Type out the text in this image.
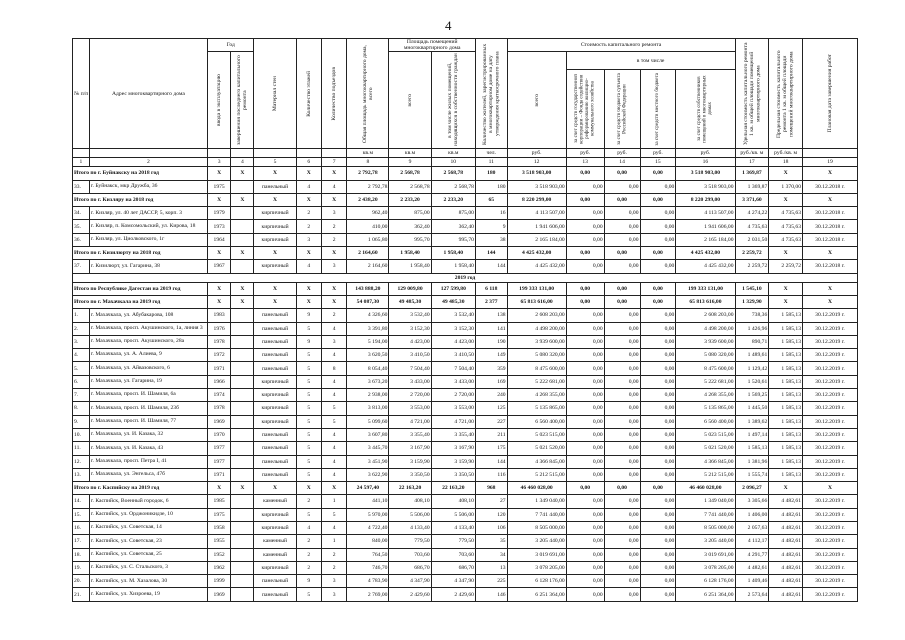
4
№ п/п	Адрес многоквартирного дома	Год		Материал стен	Количество этажей	Количество подъездов	Общая площадь многоквартирного дома, всего	Площадь помещений многоквартирного дома		Количество жителей, зарегистрированных в многоквартирном доме на дату утверждения краткосрочного плана	Стоимость капитального ремонта					Удельная стоимость капитального ремонта 1 кв. м общей площади помещений многоквартирного дома	Предельная стоимость капитального ремонта 1 кв. м общей площади помещений многоквартирного дома	Плановая дата завершения работ

		ввода в эксплуатацию	завершения последнего капитального ремонта					всего	в том числе жилых помещений, находящихся в собственности граждан		всего	в том числе						

												за счет средств государственной корпорации – Фонда содействия реформированию жилищно-коммунального хозяйства	за счет средств бюджета субъекта Российской Федерации	за счет средств местного бюджета	за счет средств собственников помещений в многоквартирных домах			

							кв.м	кв.м	кв.м	чел.	руб.	руб.	руб.	руб.	руб.	руб./кв. м	руб./кв. м	
1	2	3	4	5	6	7	8	9	10	11	12	13	14	15	16	17	18	19
Итого по г. Буйнакску на 2018 год		X	X	X	X	X	2 792,78	2 568,78	2 568,78	180	3 518 903,00	0,00	0,00	0,00	3 518 903,00	1 369,87	X	X
33.	г. Буйнакск, мкр Дружба, 36	1975		панельный	4	4	2 792,78	2 568,78	2 568,78	180	3 518 903,00	0,00	0,00	0,00	3 518 903,00	1 369,87	1 370,00	30.12.2018 г.
Итого по г. Кизляру на 2018 год		X	X	X	X	X	2 438,20	2 233,20	2 233,20	65	8 220 299,00	0,00	0,00	0,00	8 220 299,00	3 371,60	X	X
34.	г. Кизляр, ул. 40 лет ДАССР, 5, корп. 3	1979		кирпичный	2	3	962,40	875,00	875,00	16	4 113 507,00	0,00	0,00	0,00	4 113 507,00	4 274,22	4 735,63	30.12.2018 г.
35.	г. Кизляр, п. Комсомольский, ул. Кирова, 18	1973		кирпичный	2	2	410,00	362,40	362,40	9	1 941 606,00	0,00	0,00	0,00	1 941 606,00	4 735,63	4 735,63	30.12.2018 г.
36.	г. Кизляр, ул. Циолковского, 1г	1964		кирпичный	3	2	1 065,80	995,70	995,70	38	2 165 184,00	0,00	0,00	0,00	2 165 184,00	2 031,50	4 735,63	30.12.2018 г.
Итого по г. Кизилюрту на 2018 год		X	X	X	X	X	2 164,60	1 958,40	1 958,40	144	4 425 432,00	0,00	0,00	0,00	4 425 432,00	2 259,72	X	X
37.	г. Кизилюрт, ул. Гагарина, 38	1967		кирпичный	4	3	2 164,60	1 958,40	1 958,40	144	4 425 432,00	0,00	0,00	0,00	4 425 432,00	2 259,72	2 259,72	30.12.2018 г.
2019 год																		
Итого по Республике Дагестан на 2019 год		X	X	X	X	X	143 888,20	129 009,80	127 599,80	6 118	199 333 131,00	0,00	0,00	0,00	199 333 131,00	1 545,10	X	X
Итого по г. Махачкала на 2019 год		X	X	X	X	X	54 087,30	49 485,30	49 485,30	2 377	65 813 616,00	0,00	0,00	0,00	65 813 616,00	1 329,90	X	X
1.	г. Махачкала, ул. Абубакарова, 108	1983		панельный	9	2	4 326,60	3 532,40	3 532,40	138	2 608 203,00	0,00	0,00	0,00	2 608 203,00	738,36	1 585,13	30.12.2019 г.
2.	г. Махачкала, просп. Акушинского, 1а, линия 3	1976		панельный	5	4	3 391,80	3 152,30	3 152,30	141	4 498 200,00	0,00	0,00	0,00	4 498 200,00	1 426,96	1 585,13	30.12.2019 г.
3.	г. Махачкала, просп. Акушинского, 28а	1978		панельный	9	3	5 194,00	4 423,00	4 423,00	190	3 939 600,00	0,00	0,00	0,00	3 939 600,00	890,71	1 585,13	30.12.2019 г.
4.	г. Махачкала, ул. А. Алиева, 9	1972		панельный	5	4	3 620,50	3 410,50	3 410,50	149	5 080 320,00	0,00	0,00	0,00	5 080 320,00	1 489,61	1 585,13	30.12.2019 г.
5.	г. Махачкала, ул. Айвазовского, 6	1971		панельный	5	8	8 054,40	7 504,40	7 504,40	359	8 475 600,00	0,00	0,00	0,00	8 475 600,00	1 129,42	1 585,13	30.12.2019 г.
6.	г. Махачкала, ул. Гагарина, 19	1966		кирпичный	5	4	3 673,20	3 433,00	3 433,00	169	5 222 681,00	0,00	0,00	0,00	5 222 681,00	1 520,61	1 585,13	30.12.2019 г.
7.	г. Махачкала, просп. И. Шамиля, 6а	1974		кирпичный	5	4	2 938,00	2 720,00	2 720,00	240	4 268 355,00	0,00	0,00	0,00	4 268 355,00	1 569,25	1 585,13	30.12.2019 г.
8.	г. Махачкала, просп. И. Шамиля, 23б	1978		кирпичный	5	5	3 813,00	3 553,00	3 553,00	125	5 135 865,00	0,00	0,00	0,00	5 135 865,00	1 445,50	1 585,13	30.12.2019 г.
9.	г. Махачкала, просп. И. Шамиля, 77	1969		кирпичный	5	5	5 099,60	4 721,00	4 721,00	227	6 560 400,00	0,00	0,00	0,00	6 560 400,00	1 389,62	1 585,13	30.12.2019 г.
10.	г. Махачкала, ул. И. Казака, 32	1970		панельный	5	4	3 607,80	3 355,40	3 355,40	211	5 023 515,00	0,00	0,00	0,00	5 023 515,00	1 497,14	1 585,13	30.12.2019 г.
11.	г. Махачкала, ул. И. Казака, 43	1977		панельный	5	4	3 445,70	3 167,90	3 167,90	175	5 021 520,00	0,00	0,00	0,00	5 021 520,00	1 585,13	1 585,13	30.12.2019 г.
12.	г. Махачкала, просп. Петра I, 41	1977		панельный	5	4	3 451,90	3 159,90	3 159,90	144	4 366 845,00	0,00	0,00	0,00	4 366 845,00	1 381,96	1 585,13	30.12.2019 г.
13.	г. Махачкала, ул. Энгельса, 47б	1971		панельный	5	4	3 622,90	3 350,50	3 350,50	116	5 212 515,00	0,00	0,00	0,00	5 212 515,00	1 555,74	1 585,13	30.12.2019 г.
Итого по г. Каспийску на 2019 год		X	X	X	X	X	24 597,40	22 163,20	22 163,20	968	46 460 028,00	0,00	0,00	0,00	46 460 028,00	2 096,27	X	X
14.	г. Каспийск, Военный городок, 6	1985		каменный	2	1	441,10	408,10	408,10	27	1 349 040,00	0,00	0,00	0,00	1 349 040,00	3 305,66	4 482,61	30.12.2019 г.
15.	г. Каспийск, ул. Орджоникидзе, 10	1975		кирпичный	5	5	5 970,00	5 506,00	5 506,00	120	7 741 440,00	0,00	0,00	0,00	7 741 440,00	1 406,00	4 482,61	30.12.2019 г.
16.	г. Каспийск, ул. Советская, 14	1958		кирпичный	4	4	4 722,40	4 133,40	4 133,40	106	8 505 000,00	0,00	0,00	0,00	8 505 000,00	2 057,63	4 482,61	30.12.2019 г.
17.	г. Каспийск, ул. Советская, 23	1955		каменный	2	1	840,00	779,50	779,50	35	3 205 440,00	0,00	0,00	0,00	3 205 440,00	4 112,17	4 482,61	30.12.2019 г.
18.	г. Каспийск, ул. Советская, 25	1952		каменный	2	2	764,50	703,60	703,60	34	3 019 691,00	0,00	0,00	0,00	3 019 691,00	4 291,77	4 482,61	30.12.2019 г.
19.	г. Каспийск, ул. С. Стальского, 3	1962		кирпичный	2	2	746,70	686,70	686,70	13	3 078 205,00	0,00	0,00	0,00	3 078 205,00	4 482,61	4 482,61	30.12.2019 г.
20.	г. Каспийск, ул. М. Хазалова, 30	1999		панельный	9	3	4 783,90	4 347,90	4 347,90	225	6 128 176,00	0,00	0,00	0,00	6 128 176,00	1 409,46	4 482,61	30.12.2019 г.
21.	г. Каспийск, ул. Хизроева, 19	1969		панельный	5	3	2 769,00	2 429,60	2 429,60	146	6 251 364,00	0,00	0,00	0,00	6 251 364,00	2 573,64	4 482,61	30.12.2019 г.
